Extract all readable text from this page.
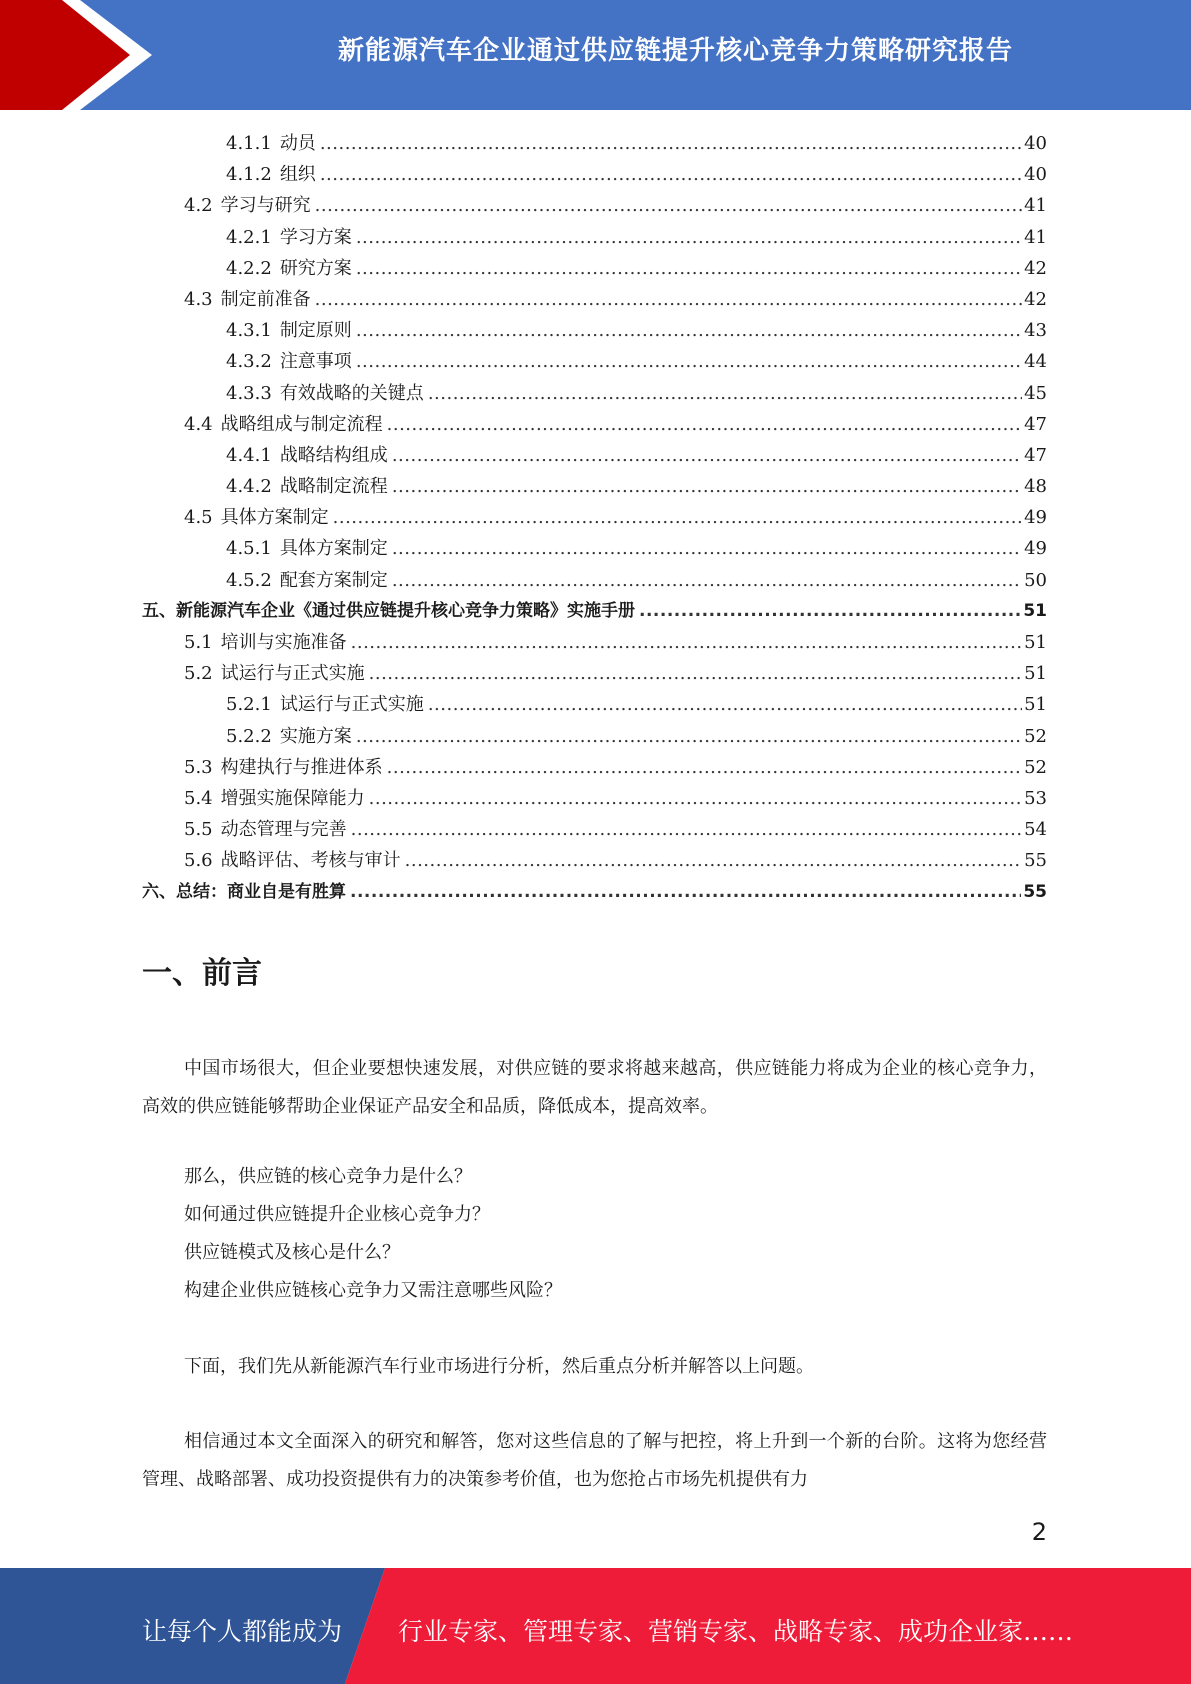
新能源汽车企业通过供应链提升核心竞争力策略研究报告
4.1.1 动员 .....	40
4.1.2 组织 .....	40
4.2 学习与研究 .....	41
4.2.1 学习方案 .....	41
4.2.2 研究方案 .....	42
4.3 制定前准备 .....	42
4.3.1 制定原则 .....	43
4.3.2 注意事项 .....	44
4.3.3 有效战略的关键点 .....	45
4.4 战略组成与制定流程 .....	47
4.4.1 战略结构组成 .....	47
4.4.2 战略制定流程 .....	48
4.5 具体方案制定 .....	49
4.5.1 具体方案制定 .....	49
4.5.2 配套方案制定 .....	50
五、 新能源汽车企业《通过供应链提升核心竞争力策略》实施手册 .....	51
5.1 培训与实施准备 .....	51
5.2 试运行与正式实施 .....	51
5.2.1 试运行与正式实施 .....	51
5.2.2 实施方案 .....	52
5.3 构建执行与推进体系 .....	52
5.4 增强实施保障能力 .....	53
5.5 动态管理与完善 .....	54
5.6 战略评估、考核与审计 .....	55
六、 总结：商业自是有胜算 .....	55
一、前言

中国市场很大，但企业要想快速发展，对供应链的要求将越来越高，供应链能力将成为企业的核心竞争力，高效的供应链能够帮助企业保证产品安全和品质，降低成本，提高效率。

那么，供应链的核心竞争力是什么？

如何通过供应链提升企业核心竞争力？

供应链模式及核心是什么？

构建企业供应链核心竞争力又需注意哪些风险？

下面，我们先从新能源汽车行业市场进行分析，然后重点分析并解答以上问题。

相信通过本文全面深入的研究和解答，您对这些信息的了解与把控，将上升到一个新的台阶。这将为您经营管理、战略部署、成功投资提供有力的决策参考价值，也为您抢占市场先机提供有力

2
让每个人都能成为 行业专家、管理专家、营销专家、战略专家、成功企业家……
